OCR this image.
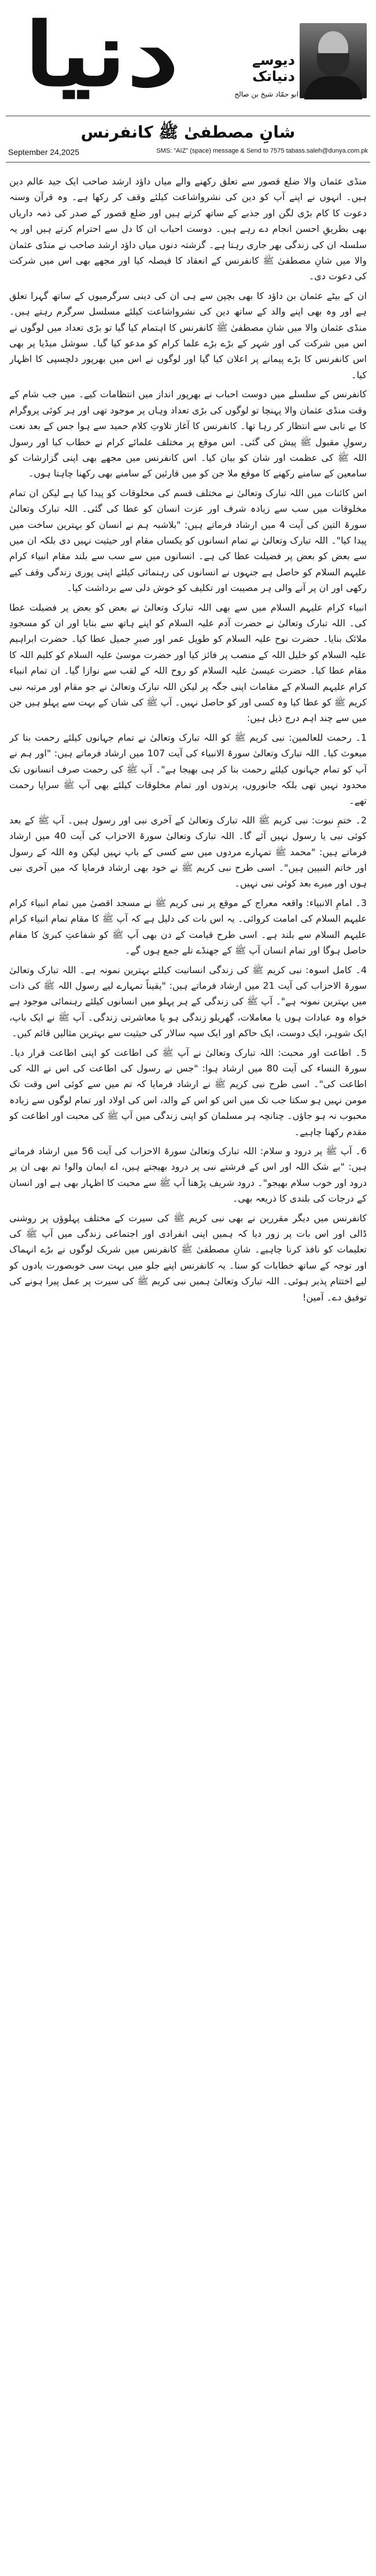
دنیا	دیوسے دنیاتک
ابو حمّاد شیخ بن صالح
شانِ مصطفیٰ ﷺ کانفرنس
September 24,2025	SMS: "AIZ" (space) message & Send to 7575 tabass.saleh@dunya.com.pk

منڈی عثمان والا ضلع قصور سے تعلق رکھنے والے میاں داؤد ارشد صاحب ایک جید عالم دین ہیں۔ انہوں نے اپنے آپ کو دین کی نشرواشاعت کیلئے وقف کر رکھا ہے۔ وہ قرآن وسنہ دعوت کا کام بڑی لگن اور جذبے کے ساتھ کرتے ہیں اور ضلع قصور کے صدر کی ذمہ داریاں بھی بطریقِ احسن انجام دے رہے ہیں۔ دوست احباب ان کا دل سے احترام کرتے ہیں اور یہ سلسلہ ان کی زندگی بھر جاری رہتا ہے۔ گزشتہ دنوں میاں داؤد ارشد صاحب نے منڈی عثمان والا میں شانِ مصطفیٰ ﷺ کانفرنس کے انعقاد کا فیصلہ کیا اور مجھے بھی اس میں شرکت کی دعوت دی۔

ان کے بیٹے عثمان بن داؤد کا بھی بچپن سے ہی ان کی دینی سرگرمیوں کے ساتھ گہرا تعلق ہے اور وہ بھی اپنے والد کے ساتھ دین کی نشرواشاعت کیلئے مسلسل سرگرم رہتے ہیں۔ منڈی عثمان والا میں شانِ مصطفیٰ ﷺ کانفرنس کا اہتمام کیا گیا تو بڑی تعداد میں لوگوں نے اس میں شرکت کی اور شہر کے بڑے بڑے علما کرام کو مدعو کیا گیا۔ سوشل میڈیا پر بھی اس کانفرنس کا بڑے پیمانے پر اعلان کیا گیا اور لوگوں نے اس میں بھرپور دلچسپی کا اظہار کیا۔

کانفرنس کے سلسلے میں دوست احباب نے بھرپور انداز میں انتظامات کیے۔ میں جب شام کے وقت منڈی عثمان والا پہنچا تو لوگوں کی بڑی تعداد وہاں پر موجود تھی اور ہر کوئی پروگرام کا بے تابی سے انتظار کر رہا تھا۔ کانفرنس کا آغاز تلاوتِ کلام حمید سے ہوا جس کے بعد نعت رسولِ مقبول ﷺ پیش کی گئی۔ اس موقع پر مختلف علمائے کرام نے خطاب کیا اور رسول اللہ ﷺ کی عظمت اور شان کو بیان کیا۔ اس کانفرنس میں مجھے بھی اپنی گزارشات کو سامعین کے سامنے رکھنے کا موقع ملا جن کو میں قارئین کے سامنے بھی رکھنا چاہتا ہوں۔

اس کائنات میں اللہ تبارک وتعالیٰ نے مختلف قسم کی مخلوقات کو پیدا کیا ہے لیکن ان تمام مخلوقات میں سب سے زیادہ شرف اور عزت انسان کو عطا کی گئی۔ اللہ تبارک وتعالیٰ سورۃ التین کی آیت 4 میں ارشاد فرماتے ہیں: "بلاشبہ ہم نے انسان کو بہترین ساخت میں پیدا کیا"۔ اللہ تبارک وتعالیٰ نے تمام انسانوں کو یکساں مقام اور حیثیت نہیں دی بلکہ ان میں سے بعض کو بعض پر فضیلت عطا کی ہے۔ انسانوں میں سے سب سے بلند مقام انبیاء کرام علیہم السلام کو حاصل ہے جنہوں نے انسانوں کی رہنمائی کیلئے اپنی پوری زندگی وقف کیے رکھی اور ان پر آنے والی ہر مصیبت اور تکلیف کو خوش دلی سے برداشت کیا۔

انبیاء کرام علیہم السلام میں سے بھی اللہ تبارک وتعالیٰ نے بعض کو بعض پر فضیلت عطا کی۔ اللہ تبارک وتعالیٰ نے حضرت آدم علیہ السلام کو اپنے ہاتھ سے بنایا اور ان کو مسجودِ ملائک بنایا۔ حضرت نوح علیہ السلام کو طویل عمر اور صبرِ جمیل عطا کیا۔ حضرت ابراہیم علیہ السلام کو خلیل اللہ کے منصب پر فائز کیا اور حضرت موسیٰ علیہ السلام کو کلیم اللہ کا مقام عطا کیا۔ حضرت عیسیٰ علیہ السلام کو روح اللہ کے لقب سے نوازا گیا۔ ان تمام انبیاء کرام علیہم السلام کے مقامات اپنی جگہ پر لیکن اللہ تبارک وتعالیٰ نے جو مقام اور مرتبہ نبی کریم ﷺ کو عطا کیا وہ کسی اور کو حاصل نہیں۔ آپ ﷺ کی شان کے بہت سے پہلو ہیں جن میں سے چند اہم درج ذیل ہیں:

1۔ رحمت للعالمین: نبی کریم ﷺ کو اللہ تبارک وتعالیٰ نے تمام جہانوں کیلئے رحمت بنا کر مبعوث کیا۔ اللہ تبارک وتعالیٰ سورۃ الانبیاء کی آیت 107 میں ارشاد فرماتے ہیں: "اور ہم نے آپ کو تمام جہانوں کیلئے رحمت بنا کر ہی بھیجا ہے"۔ آپ ﷺ کی رحمت صرف انسانوں تک محدود نہیں تھی بلکہ جانوروں، پرندوں اور تمام مخلوقات کیلئے بھی آپ ﷺ سراپا رحمت تھے۔

2۔ ختمِ نبوت: نبی کریم ﷺ اللہ تبارک وتعالیٰ کے آخری نبی اور رسول ہیں۔ آپ ﷺ کے بعد کوئی نبی یا رسول نہیں آئے گا۔ اللہ تبارک وتعالیٰ سورۃ الاحزاب کی آیت 40 میں ارشاد فرماتے ہیں: "محمد ﷺ تمہارے مردوں میں سے کسی کے باپ نہیں لیکن وہ اللہ کے رسول اور خاتم النبیین ہیں"۔ اسی طرح نبی کریم ﷺ نے خود بھی ارشاد فرمایا کہ میں آخری نبی ہوں اور میرے بعد کوئی نبی نہیں۔

3۔ امامِ الانبیاء: واقعہ معراج کے موقع پر نبی کریم ﷺ نے مسجد اقصیٰ میں تمام انبیاء کرام علیہم السلام کی امامت کروائی۔ یہ اس بات کی دلیل ہے کہ آپ ﷺ کا مقام تمام انبیاء کرام علیہم السلام سے بلند ہے۔ اسی طرح قیامت کے دن بھی آپ ﷺ کو شفاعتِ کبریٰ کا مقام حاصل ہوگا اور تمام انسان آپ ﷺ کے جھنڈے تلے جمع ہوں گے۔

4۔ کامل اسوہ: نبی کریم ﷺ کی زندگی انسانیت کیلئے بہترین نمونہ ہے۔ اللہ تبارک وتعالیٰ سورۃ الاحزاب کی آیت 21 میں ارشاد فرماتے ہیں: "یقیناً تمہارے لیے رسول اللہ ﷺ کی ذات میں بہترین نمونہ ہے"۔ آپ ﷺ کی زندگی کے ہر پہلو میں انسانوں کیلئے رہنمائی موجود ہے خواہ وہ عبادات ہوں یا معاملات، گھریلو زندگی ہو یا معاشرتی زندگی۔ آپ ﷺ نے ایک باپ، ایک شوہر، ایک دوست، ایک حاکم اور ایک سپہ سالار کی حیثیت سے بہترین مثالیں قائم کیں۔

5۔ اطاعت اور محبت: اللہ تبارک وتعالیٰ نے آپ ﷺ کی اطاعت کو اپنی اطاعت قرار دیا۔ سورۃ النساء کی آیت 80 میں ارشاد ہوا: "جس نے رسول کی اطاعت کی اس نے اللہ کی اطاعت کی"۔ اسی طرح نبی کریم ﷺ نے ارشاد فرمایا کہ تم میں سے کوئی اس وقت تک مومن نہیں ہو سکتا جب تک میں اس کو اس کے والد، اس کی اولاد اور تمام لوگوں سے زیادہ محبوب نہ ہو جاؤں۔ چنانچہ ہر مسلمان کو اپنی زندگی میں آپ ﷺ کی محبت اور اطاعت کو مقدم رکھنا چاہیے۔

6۔ آپ ﷺ پر درود و سلام: اللہ تبارک وتعالیٰ سورۃ الاحزاب کی آیت 56 میں ارشاد فرماتے ہیں: "بے شک اللہ اور اس کے فرشتے نبی پر درود بھیجتے ہیں، اے ایمان والو! تم بھی ان پر درود اور خوب سلام بھیجو"۔ درود شریف پڑھنا آپ ﷺ سے محبت کا اظہار بھی ہے اور انسان کے درجات کی بلندی کا ذریعہ بھی۔

کانفرنس میں دیگر مقررین نے بھی نبی کریم ﷺ کی سیرت کے مختلف پہلوؤں پر روشنی ڈالی اور اس بات پر زور دیا کہ ہمیں اپنی انفرادی اور اجتماعی زندگی میں آپ ﷺ کی تعلیمات کو نافذ کرنا چاہیے۔ شانِ مصطفیٰ ﷺ کانفرنس میں شریک لوگوں نے بڑے انہماک اور توجہ کے ساتھ خطابات کو سنا۔ یہ کانفرنس اپنے جلو میں بہت سی خوبصورت یادوں کو لیے اختتام پذیر ہوئی۔ اللہ تبارک وتعالیٰ ہمیں نبی کریم ﷺ کی سیرت پر عمل پیرا ہونے کی توفیق دے۔ آمین!
